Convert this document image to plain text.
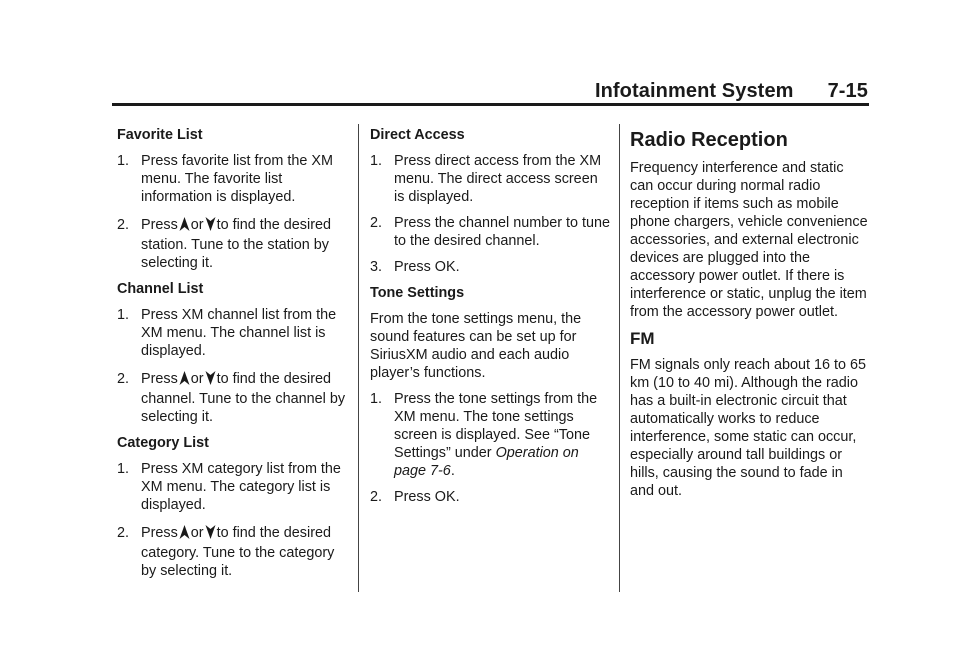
Infotainment System 7-15
Favorite List
1. Press favorite list from the XM menu. The favorite list information is displayed.
2. Press or to find the desired
station. Tune to the station by selecting it.
Channel List
1. Press XM channel list from the XM menu. The channel list is displayed.
2. Press or to find the desired
channel. Tune to the channel by selecting it.
Category List
1. Press XM category list from the XM menu. The category list is displayed.
2. Press or to find the desired
category. Tune to the category by selecting it.
Direct Access
1. Press direct access from the XM menu. The direct access screen is displayed.
2. Press the channel number to tune to the desired channel.
3. Press OK.
Tone Settings

From the tone settings menu, the sound features can be set up for SiriusXM audio and each audio player’s functions.

1. Press the tone settings from the XM menu. The tone settings screen is displayed. See “Tone Settings” under Operation on page 7-6.
2. Press OK.
Radio Reception

Frequency interference and static can occur during normal radio reception if items such as mobile phone chargers, vehicle convenience accessories, and external electronic devices are plugged into the accessory power outlet. If there is interference or static, unplug the item from the accessory power outlet.

FM

FM signals only reach about 16 to 65 km (10 to 40 mi). Although the radio has a built-in electronic circuit that automatically works to reduce interference, some static can occur, especially around tall buildings or hills, causing the sound to fade in and out.
